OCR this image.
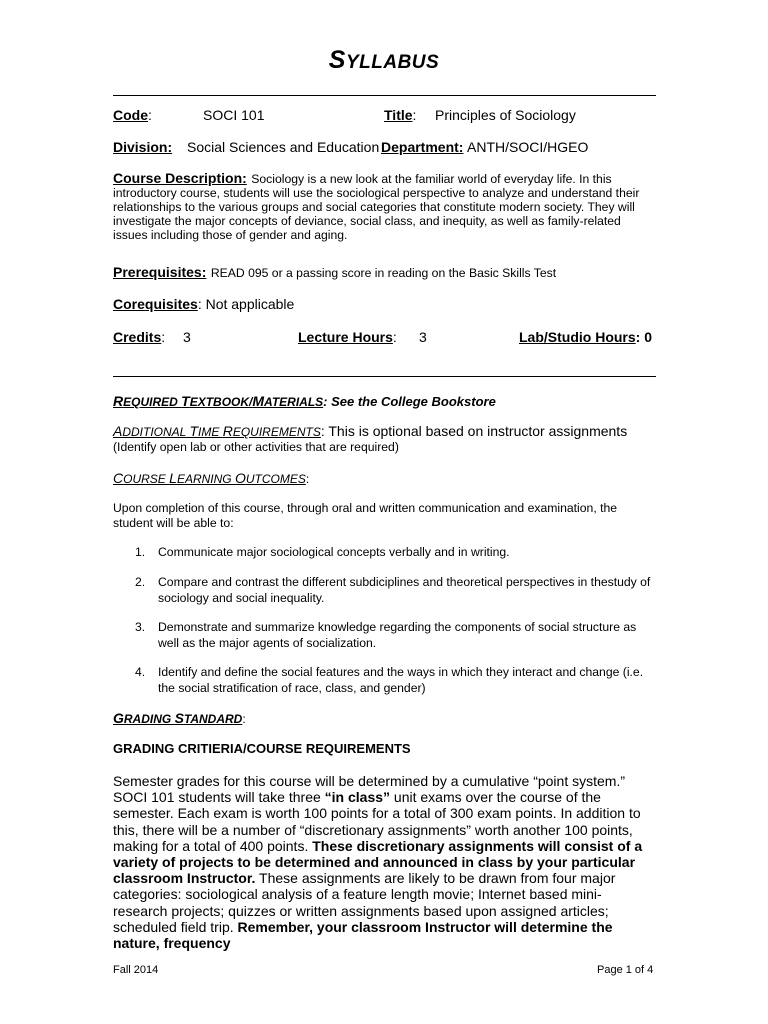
SYLLABUS
Code:	SOCI 101	Title: Principles of Sociology
Division: Social Sciences and Education Department: ANTH/SOCI/HGEO
Course Description: Sociology is a new look at the familiar world of everyday life. In this introductory course, students will use the sociological perspective to analyze and understand their relationships to the various groups and social categories that constitute modern society. They will investigate the major concepts of deviance, social class, and inequity, as well as family-related issues including those of gender and aging.
Prerequisites: READ 095 or a passing score in reading on the Basic Skills Test
Corequisites: Not applicable
Credits: 3	Lecture Hours: 3	Lab/Studio Hours: 0
REQUIRED TEXTBOOK/MATERIALS: See the College Bookstore
ADDITIONAL TIME REQUIREMENTS: This is optional based on instructor assignments
(Identify open lab or other activities that are required)
COURSE LEARNING OUTCOMES:
Upon completion of this course, through oral and written communication and examination, the student will be able to:
1.	Communicate major sociological concepts verbally and in writing.
2.	Compare and contrast the different subdiciplines and theoretical perspectives in thestudy of sociology and social inequality.
3.	Demonstrate and summarize knowledge regarding the components of social structure as well as the major agents of socialization.
4.	Identify and define the social features and the ways in which they interact and change (i.e. the social stratification of race, class, and gender)
GRADING STANDARD:
GRADING CRITIERIA/COURSE REQUIREMENTS
Semester grades for this course will be determined by a cumulative “point system.” SOCI 101 students will take three “in class” unit exams over the course of the semester. Each exam is worth 100 points for a total of 300 exam points. In addition to this, there will be a number of “discretionary assignments” worth another 100 points, making for a total of 400 points. These discretionary assignments will consist of a variety of projects to be determined and announced in class by your particular classroom Instructor. These assignments are likely to be drawn from four major categories: sociological analysis of a feature length movie; Internet based mini-research projects; quizzes or written assignments based upon assigned articles; scheduled field trip. Remember, your classroom Instructor will determine the nature, frequency
Fall 2014	Page 1 of 4
